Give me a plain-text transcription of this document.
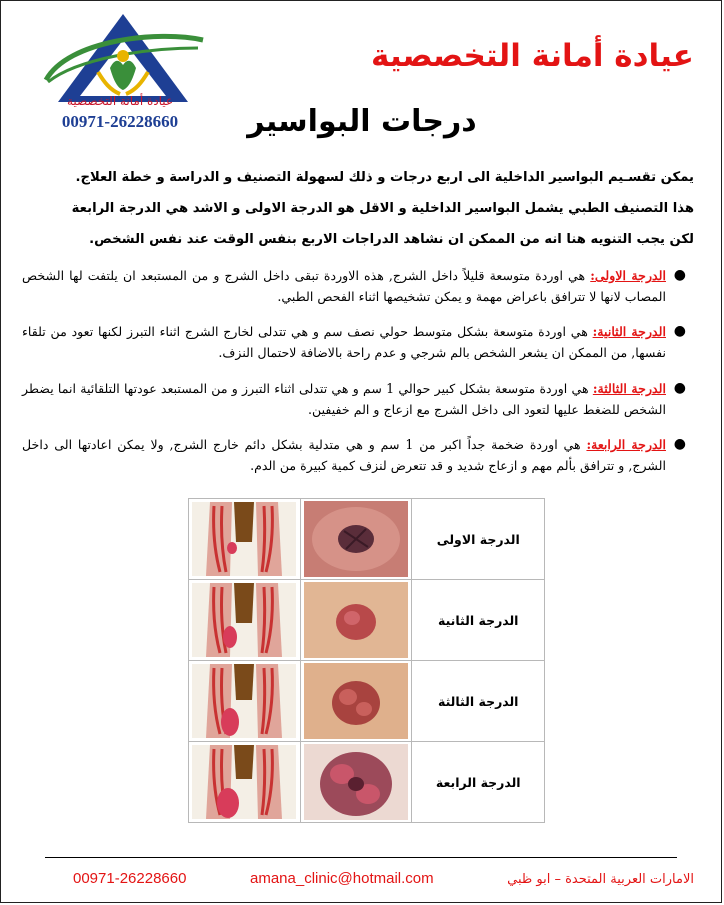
عيادة أمانة التخصصية
00971-26228660
عيادة أمانة التخصصية
درجات البواسير

يمكن تقسـيم البواسير الداخلية الى اربع درجات و ذلك لسهولة التصنيف و الدراسة و خطة العلاج.

هذا التصنيف الطبي يشمل البواسير الداخلية و الاقل هو الدرجة الاولى و الاشد هي الدرجة الرابعة

لكن يجب التنويه هنا انه من الممكن ان نشاهد الدراجات الاربع بنفس الوقت عند نفس الشخص.

●
الدرجة الاولى: هي اوردة متوسعة قليلاً داخل الشرج, هذه الاوردة تبقى داخل الشرج و من المستبعد ان يلتفت لها الشخص المصاب لانها لا تترافق باعراض مهمة و يمكن تشخيصها اثناء الفحص الطبي.
●
الدرجة الثانية: هي اوردة متوسعة بشكل متوسط حولي نصف سم و هي تتدلى لخارج الشرج اثناء التبرز لكنها تعود من تلقاء نفسها, من الممكن ان يشعر الشخص بالم شرجي و عدم راحة بالاضافة لاحتمال النزف.
●
الدرجة الثالثة: هي اوردة متوسعة بشكل كبير حوالي 1 سم و هي تتدلى اثناء التبرز و من المستبعد عودتها التلقائية انما يضطر الشخص للضغط عليها لتعود الى داخل الشرج مع ازعاج و الم خفيفين.
●
الدرجة الرابعة: هي اوردة ضخمة جداً اكبر من 1 سم و هي متدلية بشكل دائم خارج الشرج, ولا يمكن اعادتها الى داخل الشرج, و تترافق بألم مهم و ازعاج شديد و قد تتعرض لنزف كمية كبيرة من الدم.

	الدرجة الاولى

	الدرجة الثانية

	الدرجة الثالثة

	الدرجة الرابعة
00971-26228660	amana_clinic@hotmail.com	الامارات العربية المتحدة – ابو ظبي
